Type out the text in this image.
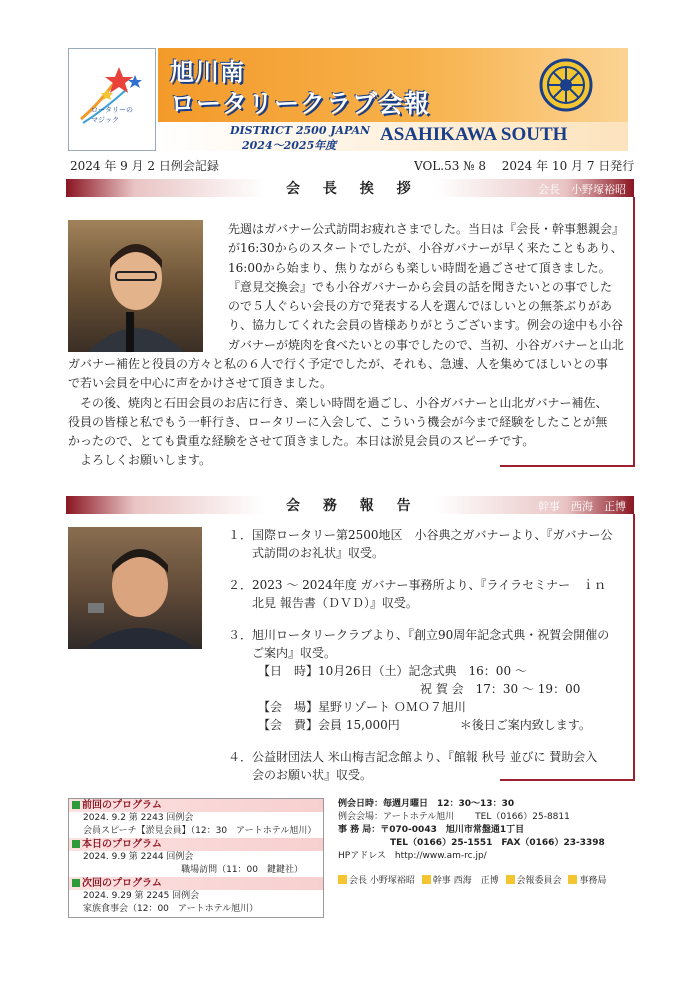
ロータリーの
マジック
旭川南
ロータリークラブ会報
DISTRICT 2500 JAPAN
2024〜2025年度
ASAHIKAWA SOUTH
2024 年 9 月 2 日例会記録	VOL.53 № 8　 2024 年 10 月 7 日発行
会 長 挨 拶	会長　小野塚裕昭
先週はガバナー公式訪問お疲れさまでした。当日は『会長・幹事懇親会』
が16:30からのスタートでしたが、小谷ガバナーが早く来たこともあり、
16:00から始まり、焦りながらも楽しい時間を過ごさせて頂きました。
『意見交換会』でも小谷ガバナーから会員の話を聞きたいとの事でした
ので５人ぐらい会長の方で発表する人を選んでほしいとの無茶ぶりがあ
り、協力してくれた会員の皆様ありがとうございます。例会の途中も小谷
ガバナーが焼肉を食べたいとの事でしたので、当初、小谷ガバナーと山北
ガバナー補佐と役員の方々と私の６人で行く予定でしたが、それも、急遽、人を集めてほしいとの事
で若い会員を中心に声をかけさせて頂きました。
その後、焼肉と石田会員のお店に行き、楽しい時間を過ごし、小谷ガバナーと山北ガバナー補佐、
役員の皆様と私でもう一軒行き、ロータリーに入会して、こういう機会が今まで経験をしたことが無
かったので、とても貴重な経験をさせて頂きました。本日は淤見会員のスピーチです。
よろしくお願いします。
会 務 報 告	幹事　西海　正博

１．国際ロータリー第2500地区　小谷典之ガバナーより、『ガバナー公

　　式訪問のお礼状』収受。

２．2023 ～ 2024年度 ガバナー事務所より、『ライラセミナー　ｉｎ

　　北見 報告書（ＤＶＤ）』収受。

３．旭川ロータリークラブより、『創立90周年記念式典・祝賀会開催の

　　ご案内』収受。

　　　【日　時】10月26日（土）記念式典　16：00 ～

　　　　　　　　　　　　　　　　祝 賀 会　17：30 ～ 19：00

　　　【会　場】星野リゾート ＯＭＯ７旭川

　　　【会　費】会員 15,000円　　　　　＊後日ご案内致します。

４．公益財団法人 米山梅吉記念館より、『館報 秋号 並びに 賛助会入

　　会のお願い状』収受。

前回のプログラム
2024. 9.2 第 2243 回例会
会員スピーチ【淤見会員】（12：30　アートホテル旭川）
本日のプログラム
2024. 9.9 第 2244 回例会
職場訪問（11：00　鍵鍵社）
次回のプログラム
2024. 9.29 第 2245 回例会
家族食事会（12：00　アートホテル旭川）
例会日時：毎週月曜日　12：30～13：30
例会会場：アートホテル旭川　　 TEL（0166）25-8811
事 務 局：〒070-0043　旭川市常盤通1丁目
TEL（0166）25-1551　FAX（0166）23-3398
HPアドレス　http://www.am-rc.jp/
会長 小野塚裕昭 幹事 西海　正博 会報委員会 事務局
